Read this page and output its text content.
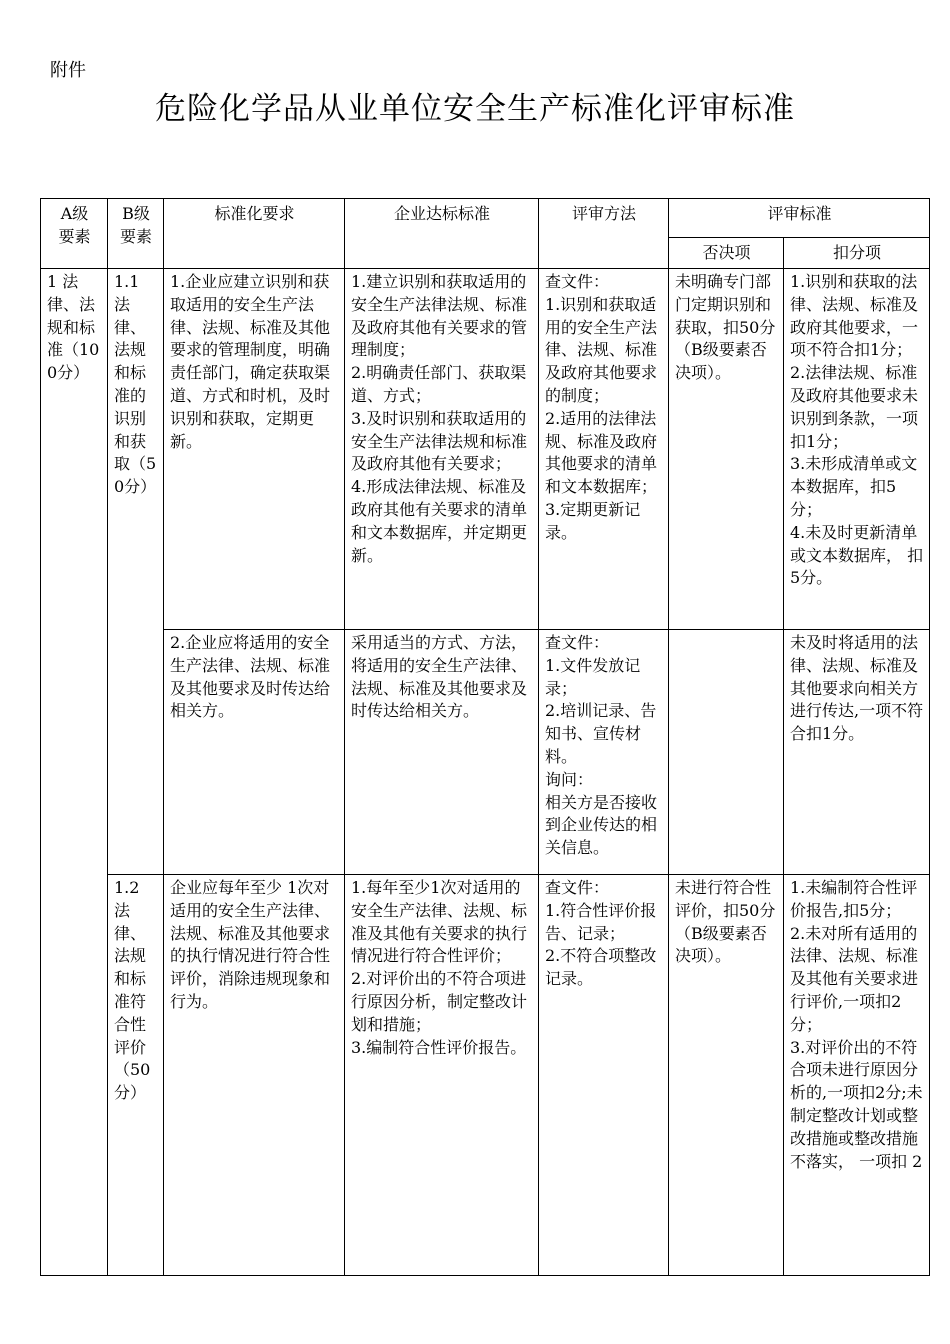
附件
危险化学品从业单位安全生产标准化评审标准
A级
要素	B级
要素	标准化要求	企业达标标准	评审方法	评审标准	
					否决项	扣分项
1 法律、法规和标准（100分）	1.1 法律、法规和标准的识别和获取（50分）	1.企业应建立识别和获取适用的安全生产法律、法规、标准及其他要求的管理制度，明确责任部门，确定获取渠道、方式和时机，及时识别和获取，定期更新。	1.建立识别和获取适用的安全生产法律法规、标准及政府其他有关要求的管理制度；
2.明确责任部门、获取渠道、方式；
3.及时识别和获取适用的安全生产法律法规和标准及政府其他有关要求；
4.形成法律法规、标准及政府其他有关要求的清单和文本数据库，并定期更新。	查文件：
1.识别和获取适用的安全生产法律、法规、标准及政府其他要求的制度；
2.适用的法律法规、标准及政府其他要求的清单和文本数据库；
3.定期更新记录。	未明确专门部门定期识别和获取，扣50分（B级要素否决项）。	1.识别和获取的法律、法规、标准及政府其他要求，一项不符合扣1分；
2.法律法规、标准及政府其他要求未识别到条款，一项扣1分；
3.未形成清单或文本数据库，扣5分；
4.未及时更新清单或文本数据库， 扣5分。
		2.企业应将适用的安全生产法律、法规、标准及其他要求及时传达给相关方。	采用适当的方式、方法，将适用的安全生产法律、法规、标准及其他要求及时传达给相关方。	查文件：
1.文件发放记录；
2.培训记录、告知书、宣传材料。
询问：
相关方是否接收到企业传达的相关信息。		未及时将适用的法律、法规、标准及其他要求向相关方进行传达,一项不符合扣1分。
	1.2 法律、法规和标准符合性评价（50分）	企业应每年至少 1次对适用的安全生产法律、法规、标准及其他要求的执行情况进行符合性评价，消除违规现象和行为。	1.每年至少1次对适用的安全生产法律、法规、标准及其他有关要求的执行情况进行符合性评价；
2.对评价出的不符合项进行原因分析，制定整改计划和措施；
3.编制符合性评价报告。	查文件：
1.符合性评价报告、记录；
2.不符合项整改记录。	未进行符合性评价，扣50分（B级要素否决项）。	1.未编制符合性评价报告,扣5分；
2.未对所有适用的法律、法规、标准及其他有关要求进行评价,一项扣2分；
3.对评价出的不符合项未进行原因分析的,一项扣2分;未制定整改计划或整改措施或整改措施不落实， 一项扣 2
